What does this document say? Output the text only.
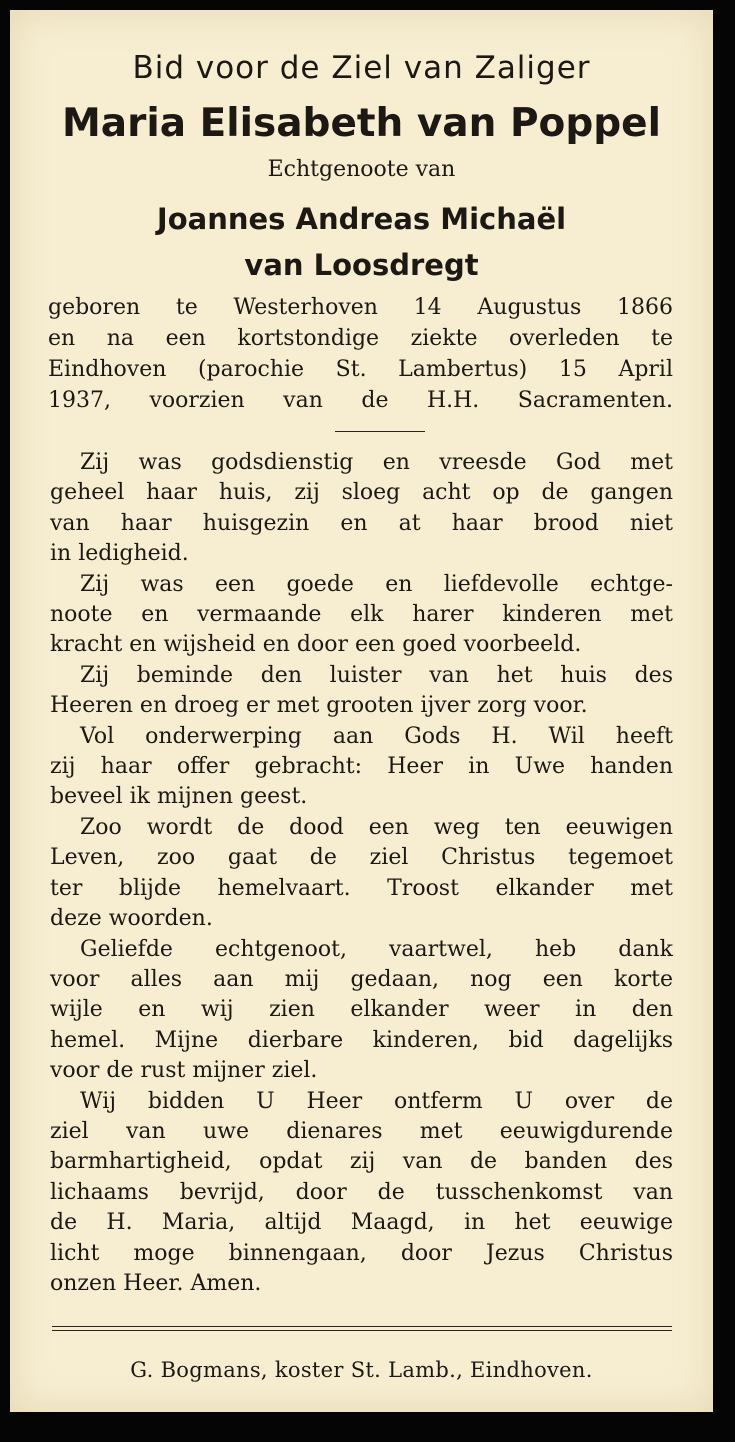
Bid voor de Ziel van Zaliger
Maria Elisabeth van Poppel
Echtgenoote van
Joannes Andreas Michaël
van Loosdregt
geboren te Westerhoven 14 Augustus 1866
en na een kortstondige ziekte overleden te
Eindhoven (parochie St. Lambertus) 15 April
1937, voorzien van de H.H. Sacramenten.
Zij was godsdienstig en vreesde God met
geheel haar huis, zij sloeg acht op de gangen
van haar huisgezin en at haar brood niet
in ledigheid.
Zij was een goede en liefdevolle echtge-
noote en vermaande elk harer kinderen met
kracht en wijsheid en door een goed voorbeeld.
Zij beminde den luister van het huis des
Heeren en droeg er met grooten ijver zorg voor.
Vol onderwerping aan Gods H. Wil heeft
zij haar offer gebracht: Heer in Uwe handen
beveel ik mijnen geest.
Zoo wordt de dood een weg ten eeuwigen
Leven, zoo gaat de ziel Christus tegemoet
ter blijde hemelvaart. Troost elkander met
deze woorden.
Geliefde echtgenoot, vaartwel, heb dank
voor alles aan mij gedaan, nog een korte
wijle en wij zien elkander weer in den
hemel. Mijne dierbare kinderen, bid dagelijks
voor de rust mijner ziel.
Wij bidden U Heer ontferm U over de
ziel van uwe dienares met eeuwigdurende
barmhartigheid, opdat zij van de banden des
lichaams bevrijd, door de tusschenkomst van
de H. Maria, altijd Maagd, in het eeuwige
licht moge binnengaan, door Jezus Christus
onzen Heer. Amen.
G. Bogmans, koster St. Lamb., Eindhoven.
